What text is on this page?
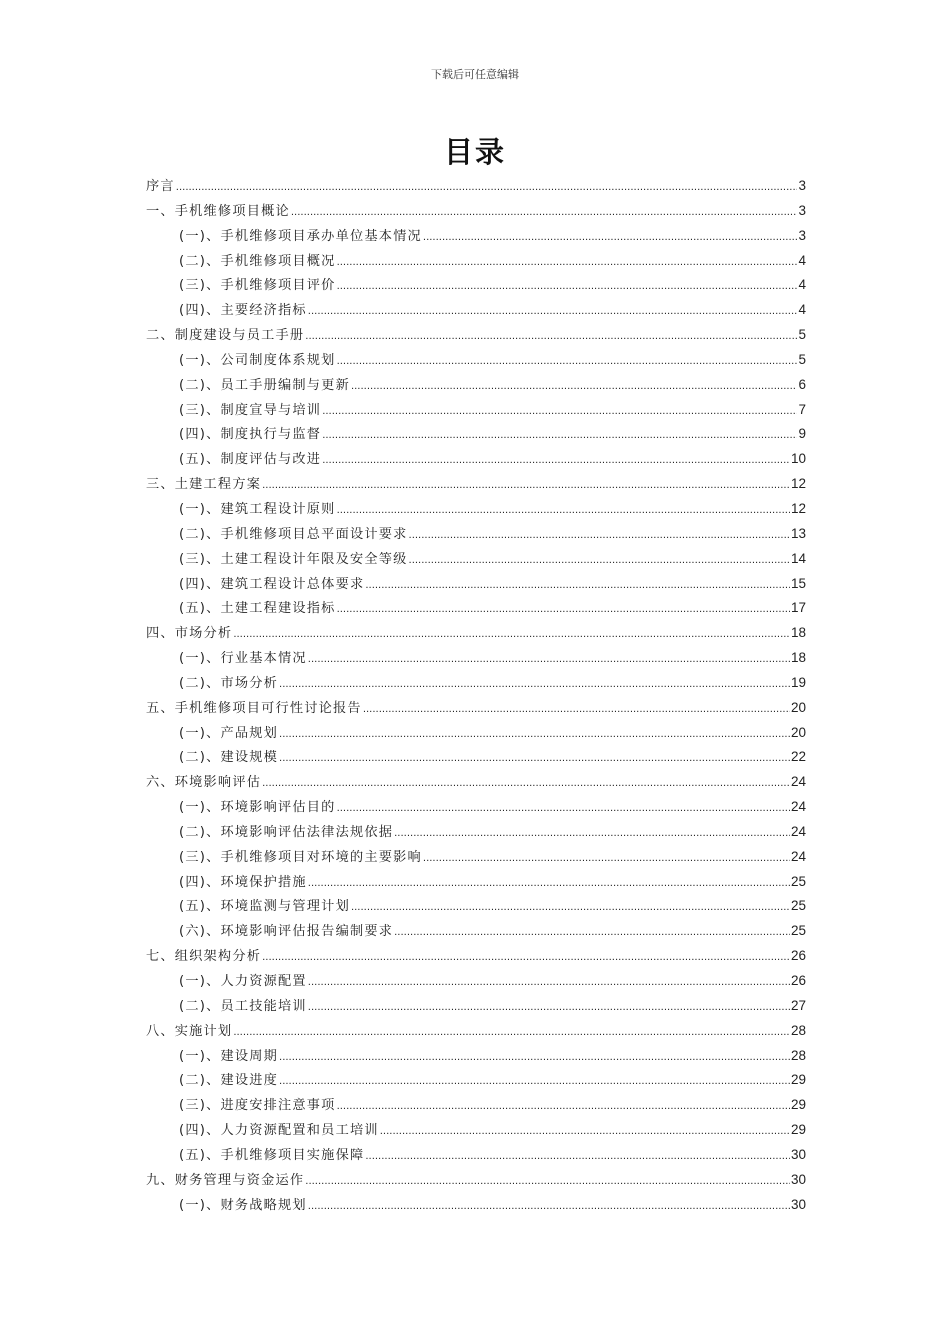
下载后可任意编辑
目录
序言 .....	3
一、手机维修项目概论 .....	3
(一)、手机维修项目承办单位基本情况 .....	3
(二)、手机维修项目概况 .....	4
(三)、手机维修项目评价 .....	4
(四)、主要经济指标 .....	4
二、制度建设与员工手册 .....	5
(一)、公司制度体系规划 .....	5
(二)、员工手册编制与更新 .....	6
(三)、制度宣导与培训 .....	7
(四)、制度执行与监督 .....	9
(五)、制度评估与改进 .....	10
三、土建工程方案 .....	12
(一)、建筑工程设计原则 .....	12
(二)、手机维修项目总平面设计要求 .....	13
(三)、土建工程设计年限及安全等级 .....	14
(四)、建筑工程设计总体要求 .....	15
(五)、土建工程建设指标 .....	17
四、市场分析 .....	18
(一)、行业基本情况 .....	18
(二)、市场分析 .....	19
五、手机维修项目可行性讨论报告 .....	20
(一)、产品规划 .....	20
(二)、建设规模 .....	22
六、环境影响评估 .....	24
(一)、环境影响评估目的 .....	24
(二)、环境影响评估法律法规依据 .....	24
(三)、手机维修项目对环境的主要影响 .....	24
(四)、环境保护措施 .....	25
(五)、环境监测与管理计划 .....	25
(六)、环境影响评估报告编制要求 .....	25
七、组织架构分析 .....	26
(一)、人力资源配置 .....	26
(二)、员工技能培训 .....	27
八、实施计划 .....	28
(一)、建设周期 .....	28
(二)、建设进度 .....	29
(三)、进度安排注意事项 .....	29
(四)、人力资源配置和员工培训 .....	29
(五)、手机维修项目实施保障 .....	30
九、财务管理与资金运作 .....	30
(一)、财务战略规划 .....	30
